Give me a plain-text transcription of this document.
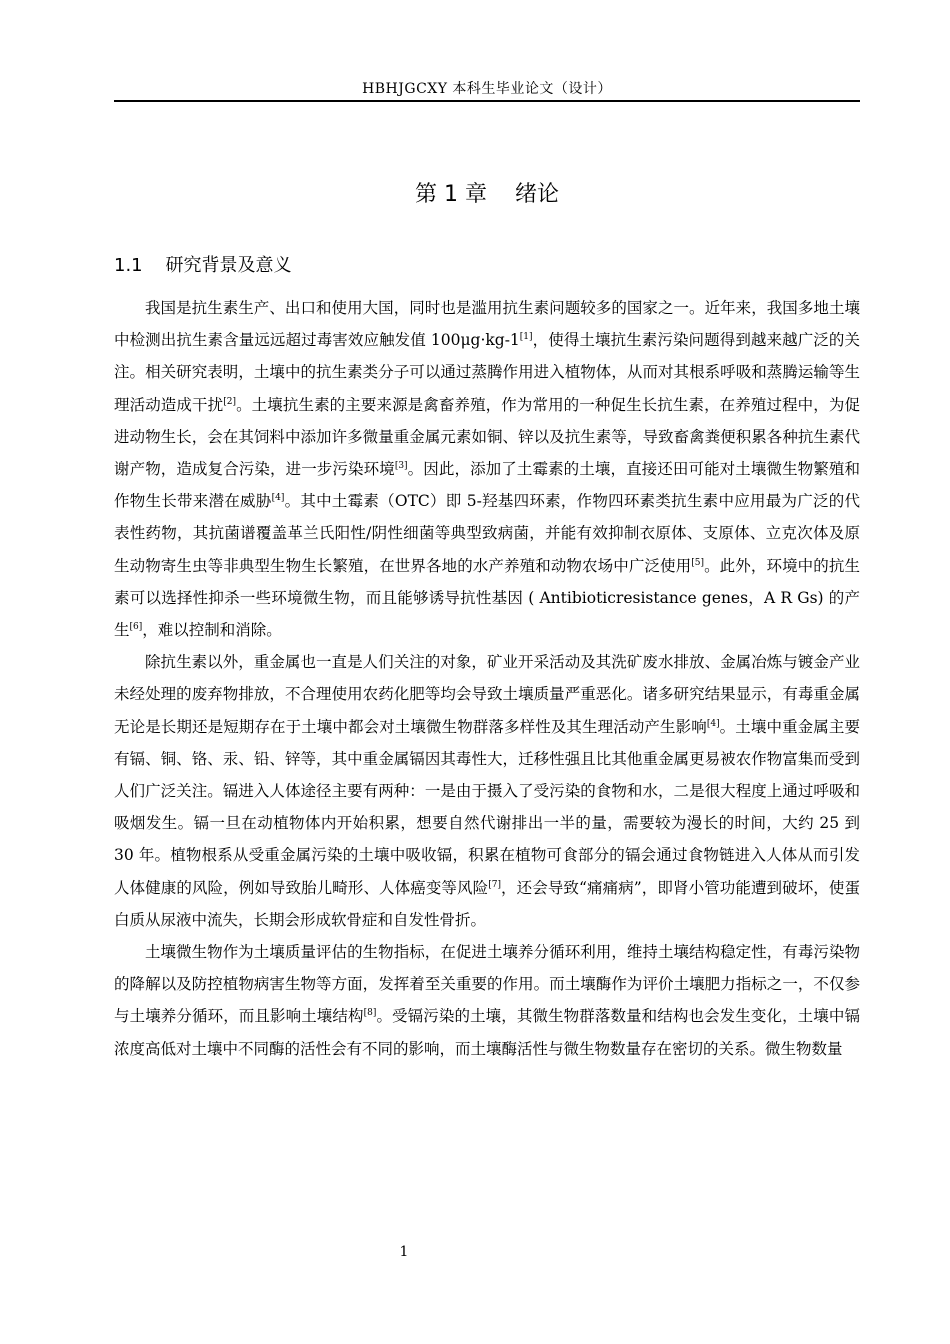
HBHJGCXY 本科生毕业论文（设计）
第 1 章    绪论
1.1    研究背景及意义

我国是抗生素生产、出口和使用大国，同时也是滥用抗生素问题较多的国家之一。近年来，我国多地土壤中检测出抗生素含量远远超过毒害效应触发值 100μg·kg-1[1]，使得土壤抗生素污染问题得到越来越广泛的关注。相关研究表明，土壤中的抗生素类分子可以通过蒸腾作用进入植物体，从而对其根系呼吸和蒸腾运输等生理活动造成干扰[2]。土壤抗生素的主要来源是禽畜养殖，作为常用的一种促生长抗生素，在养殖过程中，为促进动物生长，会在其饲料中添加许多微量重金属元素如铜、锌以及抗生素等，导致畜禽粪便积累各种抗生素代谢产物，造成复合污染，进一步污染环境[3]。因此，添加了土霉素的土壤，直接还田可能对土壤微生物繁殖和作物生长带来潜在威胁[4]。其中土霉素（OTC）即 5-羟基四环素，作物四环素类抗生素中应用最为广泛的代表性药物，其抗菌谱覆盖革兰氏阳性/阴性细菌等典型致病菌，并能有效抑制衣原体、支原体、立克次体及原生动物寄生虫等非典型生物生长繁殖，在世界各地的水产养殖和动物农场中广泛使用[5]。此外，环境中的抗生素可以选择性抑杀一些环境微生物，而且能够诱导抗性基因 ( Antibioticresistance genes，A R Gs) 的产生[6]，难以控制和消除。

除抗生素以外，重金属也一直是人们关注的对象，矿业开采活动及其洗矿废水排放、金属冶炼与镀金产业未经处理的废弃物排放，不合理使用农药化肥等均会导致土壤质量严重恶化。诸多研究结果显示，有毒重金属无论是长期还是短期存在于土壤中都会对土壤微生物群落多样性及其生理活动产生影响[4]。土壤中重金属主要有镉、铜、铬、汞、铅、锌等，其中重金属镉因其毒性大，迁移性强且比其他重金属更易被农作物富集而受到人们广泛关注。镉进入人体途径主要有两种：一是由于摄入了受污染的食物和水，二是很大程度上通过呼吸和吸烟发生。镉一旦在动植物体内开始积累，想要自然代谢排出一半的量，需要较为漫长的时间，大约 25 到 30 年。植物根系从受重金属污染的土壤中吸收镉，积累在植物可食部分的镉会通过食物链进入人体从而引发人体健康的风险，例如导致胎儿畸形、人体癌变等风险[7]，还会导致“痛痛病”，即肾小管功能遭到破坏，使蛋白质从尿液中流失，长期会形成软骨症和自发性骨折。

土壤微生物作为土壤质量评估的生物指标，在促进土壤养分循环利用，维持土壤结构稳定性，有毒污染物的降解以及防控植物病害生物等方面，发挥着至关重要的作用。而土壤酶作为评价土壤肥力指标之一，不仅参与土壤养分循环，而且影响土壤结构[8]。受镉污染的土壤，其微生物群落数量和结构也会发生变化，土壤中镉浓度高低对土壤中不同酶的活性会有不同的影响，而土壤酶活性与微生物数量存在密切的关系。微生物数量

1
